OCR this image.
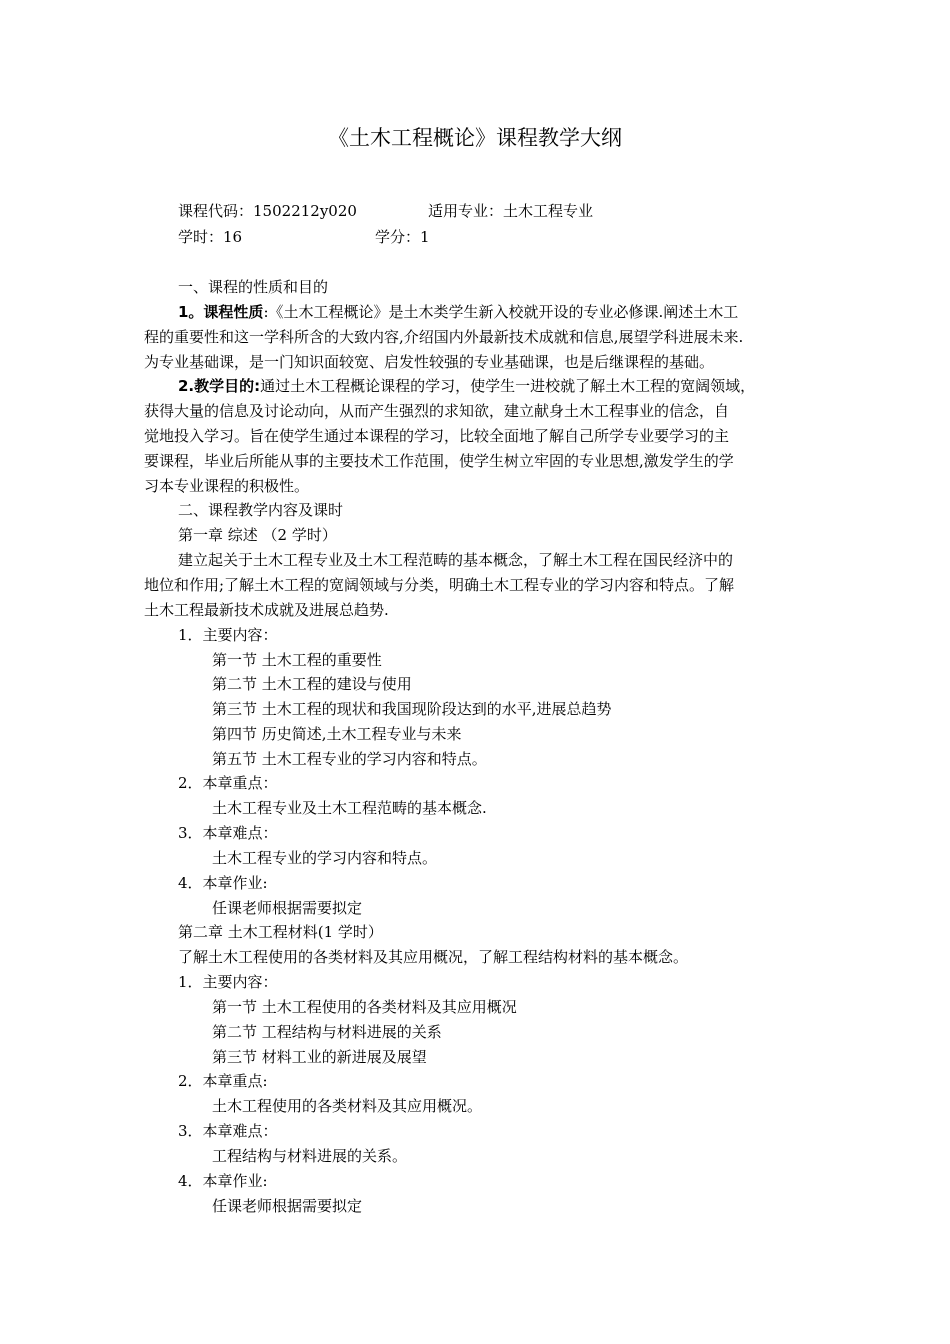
《土木工程概论》课程教学大纲
课程代码：1502212y020	适用专业：土木工程专业
学时：16	学分：1
一、课程的性质和目的
1。课程性质:《土木工程概论》是土木类学生新入校就开设的专业必修课.阐述土木工
程的重要性和这一学科所含的大致内容,介绍国内外最新技术成就和信息,展望学科进展未来.
为专业基础课，是一门知识面较宽、启发性较强的专业基础课，也是后继课程的基础。
2.教学目的:通过土木工程概论课程的学习，使学生一进校就了解土木工程的宽阔领域，
获得大量的信息及讨论动向，从而产生强烈的求知欲，建立献身土木工程事业的信念，自
觉地投入学习。旨在使学生通过本课程的学习，比较全面地了解自己所学专业要学习的主
要课程，毕业后所能从事的主要技术工作范围，使学生树立牢固的专业思想,激发学生的学
习本专业课程的积极性。
二、课程教学内容及课时
第一章 综述 （2 学时）
建立起关于土木工程专业及土木工程范畴的基本概念，了解土木工程在国民经济中的
地位和作用;了解土木工程的宽阔领域与分类，明确土木工程专业的学习内容和特点。了解
土木工程最新技术成就及进展总趋势.
1．主要内容：
第一节 土木工程的重要性
第二节 土木工程的建设与使用
第三节 土木工程的现状和我国现阶段达到的水平,进展总趋势
第四节 历史简述,土木工程专业与未来
第五节 土木工程专业的学习内容和特点。
2．本章重点：
土木工程专业及土木工程范畴的基本概念.
3．本章难点：
土木工程专业的学习内容和特点。
4．本章作业:
任课老师根据需要拟定
第二章 土木工程材料(1 学时）
了解土木工程使用的各类材料及其应用概况，了解工程结构材料的基本概念。
1．主要内容：
第一节 土木工程使用的各类材料及其应用概况
第二节 工程结构与材料进展的关系
第三节 材料工业的新进展及展望
2．本章重点:
土木工程使用的各类材料及其应用概况。
3．本章难点：
工程结构与材料进展的关系。
4．本章作业:
任课老师根据需要拟定
